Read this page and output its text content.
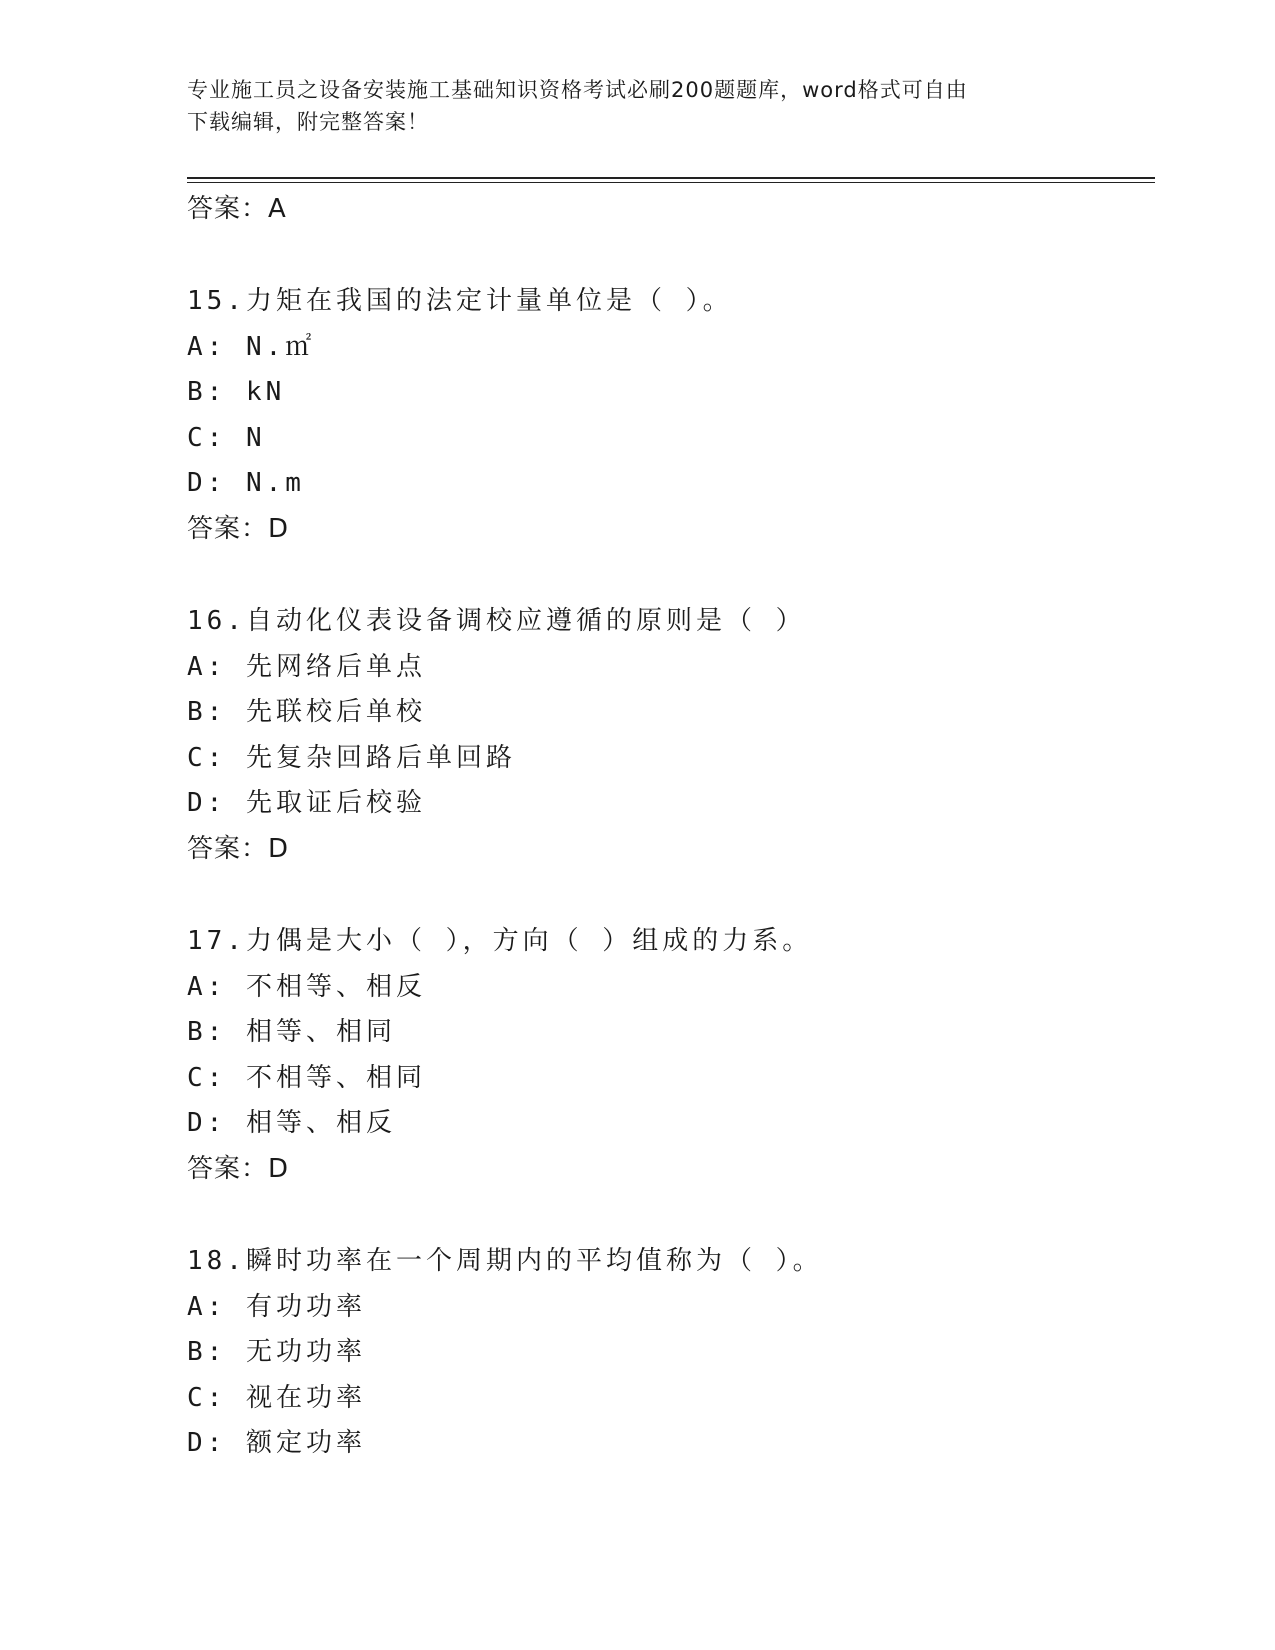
专业施工员之设备安装施工基础知识资格考试必刷200题题库，word格式可自由
下载编辑，附完整答案！
答案：A
15.力矩在我国的法定计量单位是（ ）。
A: N.㎡
B: kN
C: N
D: N.m
答案：D
16.自动化仪表设备调校应遵循的原则是（ ）
A: 先网络后单点
B: 先联校后单校
C: 先复杂回路后单回路
D: 先取证后校验
答案：D
17.力偶是大小（ ），方向（ ）组成的力系。
A: 不相等、相反
B: 相等、相同
C: 不相等、相同
D: 相等、相反
答案：D
18.瞬时功率在一个周期内的平均值称为（ ）。
A: 有功功率
B: 无功功率
C: 视在功率
D: 额定功率
